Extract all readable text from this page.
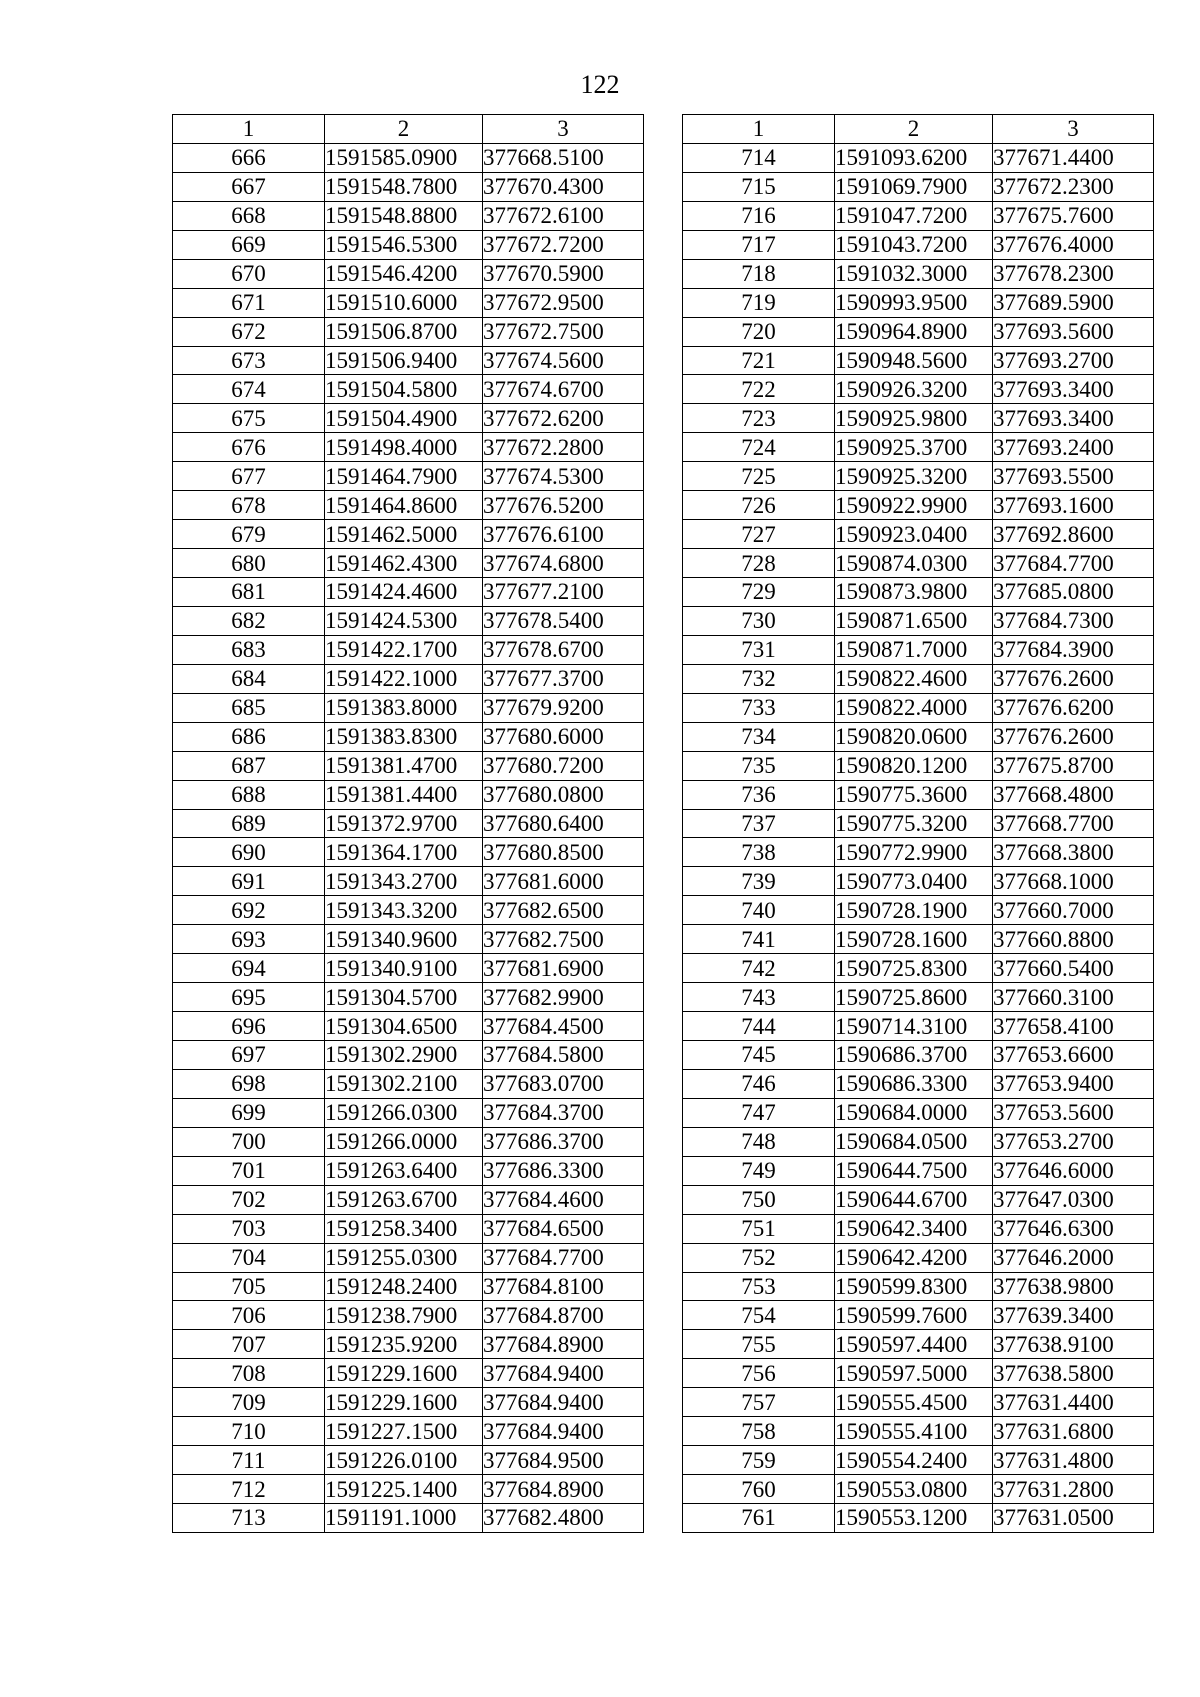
122
1	2	3
666	1591585.0900	377668.5100
667	1591548.7800	377670.4300
668	1591548.8800	377672.6100
669	1591546.5300	377672.7200
670	1591546.4200	377670.5900
671	1591510.6000	377672.9500
672	1591506.8700	377672.7500
673	1591506.9400	377674.5600
674	1591504.5800	377674.6700
675	1591504.4900	377672.6200
676	1591498.4000	377672.2800
677	1591464.7900	377674.5300
678	1591464.8600	377676.5200
679	1591462.5000	377676.6100
680	1591462.4300	377674.6800
681	1591424.4600	377677.2100
682	1591424.5300	377678.5400
683	1591422.1700	377678.6700
684	1591422.1000	377677.3700
685	1591383.8000	377679.9200
686	1591383.8300	377680.6000
687	1591381.4700	377680.7200
688	1591381.4400	377680.0800
689	1591372.9700	377680.6400
690	1591364.1700	377680.8500
691	1591343.2700	377681.6000
692	1591343.3200	377682.6500
693	1591340.9600	377682.7500
694	1591340.9100	377681.6900
695	1591304.5700	377682.9900
696	1591304.6500	377684.4500
697	1591302.2900	377684.5800
698	1591302.2100	377683.0700
699	1591266.0300	377684.3700
700	1591266.0000	377686.3700
701	1591263.6400	377686.3300
702	1591263.6700	377684.4600
703	1591258.3400	377684.6500
704	1591255.0300	377684.7700
705	1591248.2400	377684.8100
706	1591238.7900	377684.8700
707	1591235.9200	377684.8900
708	1591229.1600	377684.9400
709	1591229.1600	377684.9400
710	1591227.1500	377684.9400
711	1591226.0100	377684.9500
712	1591225.1400	377684.8900
713	1591191.1000	377682.4800
1	2	3
714	1591093.6200	377671.4400
715	1591069.7900	377672.2300
716	1591047.7200	377675.7600
717	1591043.7200	377676.4000
718	1591032.3000	377678.2300
719	1590993.9500	377689.5900
720	1590964.8900	377693.5600
721	1590948.5600	377693.2700
722	1590926.3200	377693.3400
723	1590925.9800	377693.3400
724	1590925.3700	377693.2400
725	1590925.3200	377693.5500
726	1590922.9900	377693.1600
727	1590923.0400	377692.8600
728	1590874.0300	377684.7700
729	1590873.9800	377685.0800
730	1590871.6500	377684.7300
731	1590871.7000	377684.3900
732	1590822.4600	377676.2600
733	1590822.4000	377676.6200
734	1590820.0600	377676.2600
735	1590820.1200	377675.8700
736	1590775.3600	377668.4800
737	1590775.3200	377668.7700
738	1590772.9900	377668.3800
739	1590773.0400	377668.1000
740	1590728.1900	377660.7000
741	1590728.1600	377660.8800
742	1590725.8300	377660.5400
743	1590725.8600	377660.3100
744	1590714.3100	377658.4100
745	1590686.3700	377653.6600
746	1590686.3300	377653.9400
747	1590684.0000	377653.5600
748	1590684.0500	377653.2700
749	1590644.7500	377646.6000
750	1590644.6700	377647.0300
751	1590642.3400	377646.6300
752	1590642.4200	377646.2000
753	1590599.8300	377638.9800
754	1590599.7600	377639.3400
755	1590597.4400	377638.9100
756	1590597.5000	377638.5800
757	1590555.4500	377631.4400
758	1590555.4100	377631.6800
759	1590554.2400	377631.4800
760	1590553.0800	377631.2800
761	1590553.1200	377631.0500
